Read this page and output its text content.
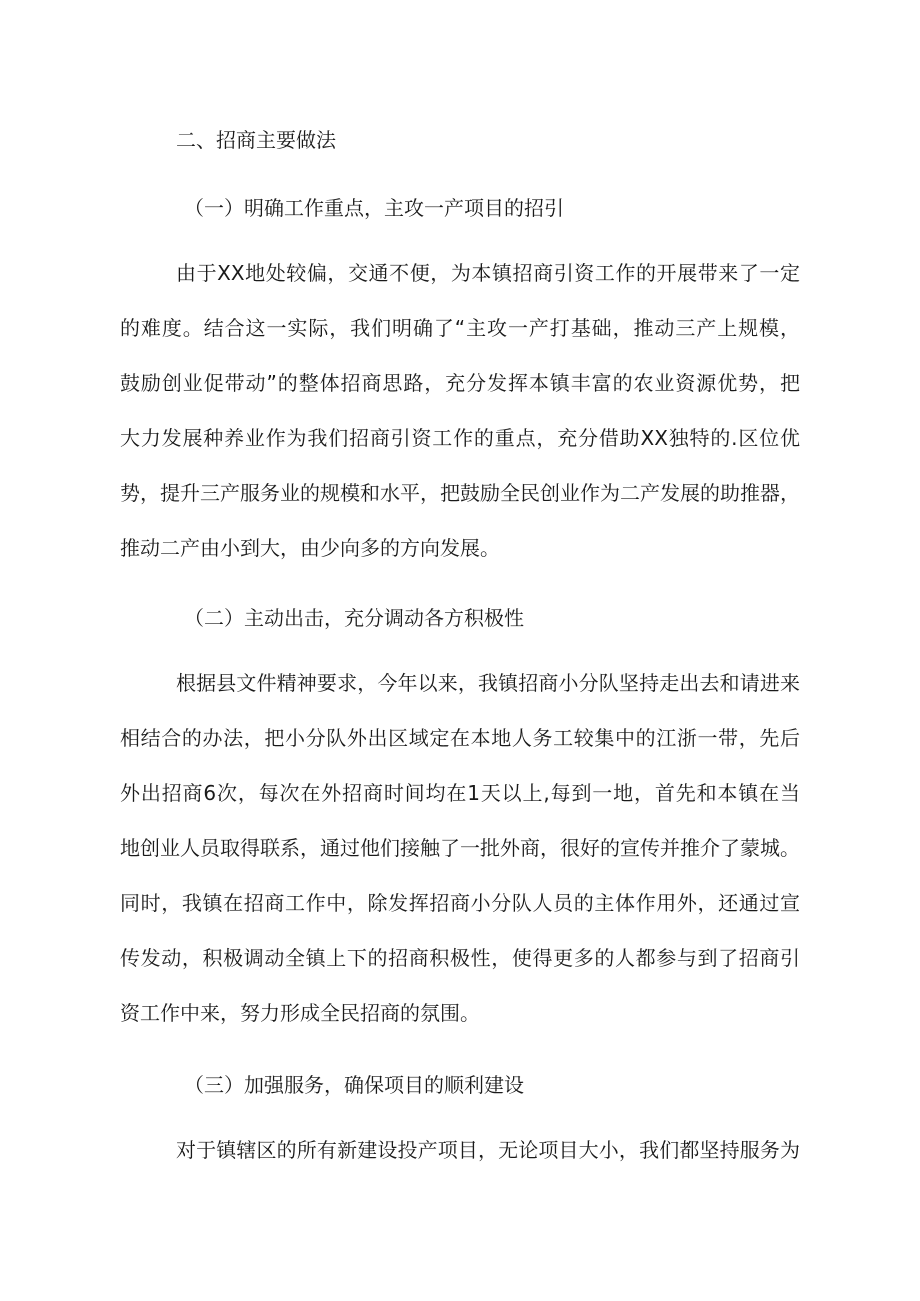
二、招商主要做法
（一）明确工作重点，主攻一产项目的招引
由于XX地处较偏，交通不便，为本镇招商引资工作的开展带来了一定
的难度。结合这一实际，我们明确了“主攻一产打基础，推动三产上规模，
鼓励创业促带动”的整体招商思路，充分发挥本镇丰富的农业资源优势，把
大力发展种养业作为我们招商引资工作的重点，充分借助XX独特的.区位优
势，提升三产服务业的规模和水平，把鼓励全民创业作为二产发展的助推器，
推动二产由小到大，由少向多的方向发展。
（二）主动出击，充分调动各方积极性
根据县文件精神要求，今年以来，我镇招商小分队坚持走出去和请进来
相结合的办法，把小分队外出区域定在本地人务工较集中的江浙一带，先后
外出招商6次，每次在外招商时间均在1天以上,每到一地，首先和本镇在当
地创业人员取得联系，通过他们接触了一批外商，很好的宣传并推介了蒙城。
同时，我镇在招商工作中，除发挥招商小分队人员的主体作用外，还通过宣
传发动，积极调动全镇上下的招商积极性，使得更多的人都参与到了招商引
资工作中来，努力形成全民招商的氛围。
（三）加强服务，确保项目的顺利建设
对于镇辖区的所有新建设投产项目，无论项目大小，我们都坚持服务为
